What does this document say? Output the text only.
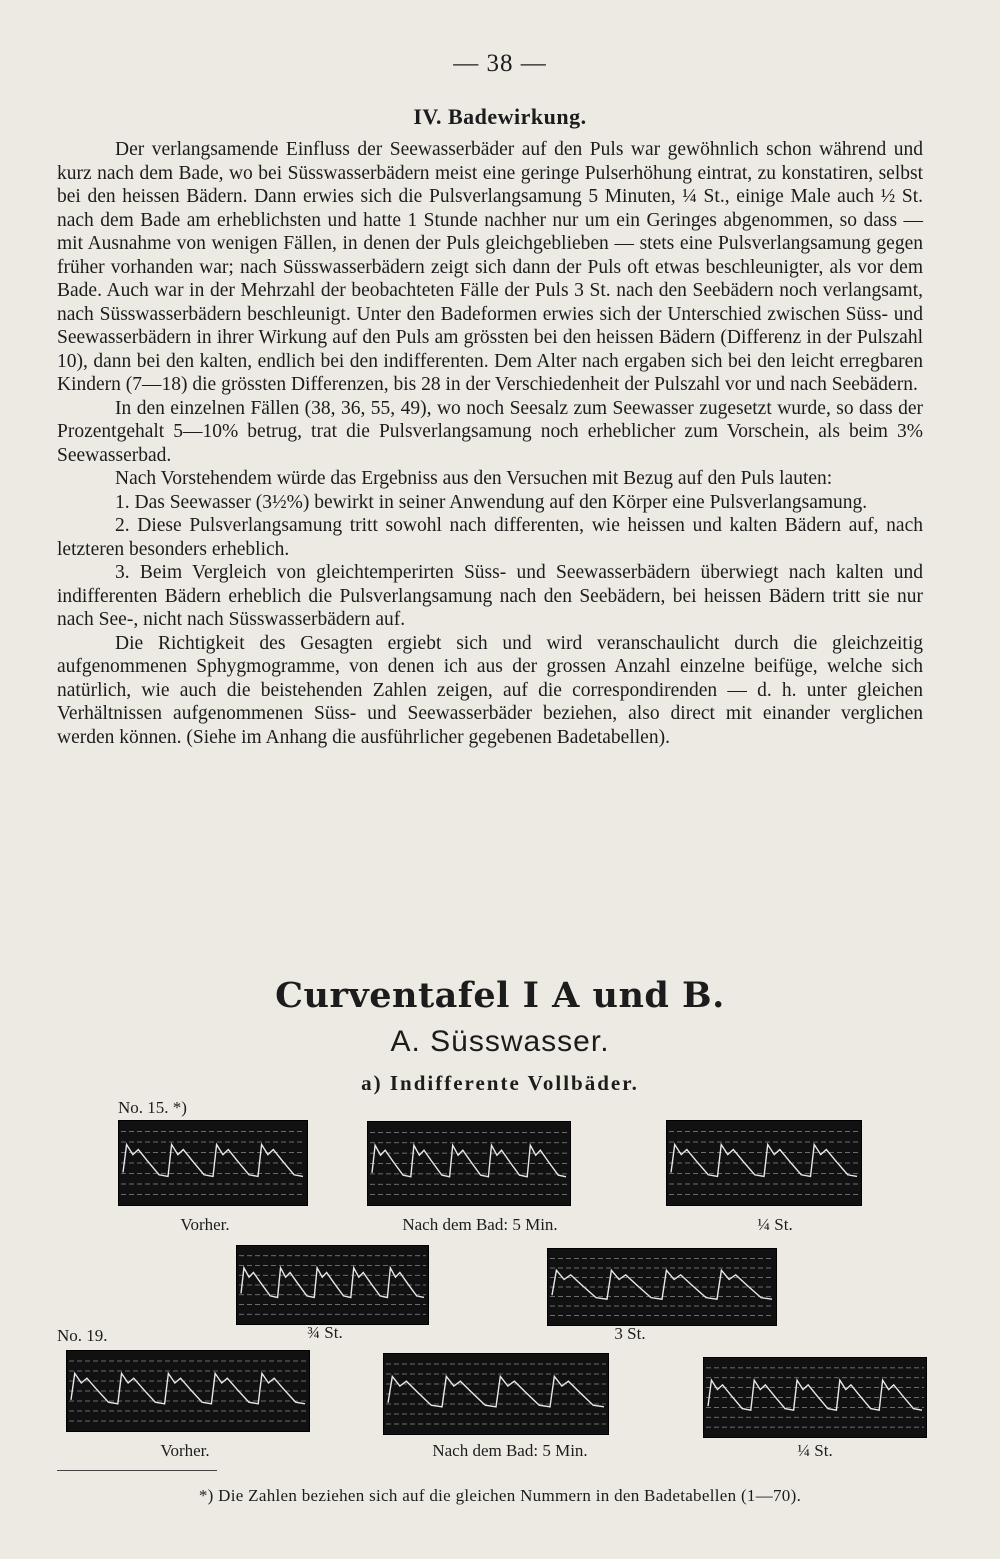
— 38 —
IV. Badewirkung.

Der verlangsamende Einfluss der Seewasserbäder auf den Puls war gewöhnlich schon während und kurz nach dem Bade, wo bei Süsswasserbädern meist eine geringe Pulserhöhung eintrat, zu konstatiren, selbst bei den heissen Bädern. Dann erwies sich die Pulsverlangsamung 5 Minuten, ¼ St., einige Male auch ½ St. nach dem Bade am erheblichsten und hatte 1 Stunde nachher nur um ein Geringes abgenommen, so dass — mit Ausnahme von wenigen Fällen, in denen der Puls gleichgeblieben — stets eine Pulsverlangsamung gegen früher vorhanden war; nach Süsswasserbädern zeigt sich dann der Puls oft etwas beschleunigter, als vor dem Bade. Auch war in der Mehrzahl der beobachteten Fälle der Puls 3 St. nach den Seebädern noch verlangsamt, nach Süsswasserbädern beschleunigt. Unter den Badeformen erwies sich der Unterschied zwischen Süss- und Seewasserbädern in ihrer Wirkung auf den Puls am grössten bei den heissen Bädern (Differenz in der Pulszahl 10), dann bei den kalten, endlich bei den indifferenten. Dem Alter nach ergaben sich bei den leicht erregbaren Kindern (7—18) die grössten Differenzen, bis 28 in der Verschiedenheit der Pulszahl vor und nach Seebädern.

In den einzelnen Fällen (38, 36, 55, 49), wo noch Seesalz zum Seewasser zugesetzt wurde, so dass der Prozentgehalt 5—10% betrug, trat die Pulsverlangsamung noch erheblicher zum Vorschein, als beim 3% Seewasserbad.

Nach Vorstehendem würde das Ergebniss aus den Versuchen mit Bezug auf den Puls lauten:

1. Das Seewasser (3½%) bewirkt in seiner Anwendung auf den Körper eine Pulsverlangsamung.

2. Diese Pulsverlangsamung tritt sowohl nach differenten, wie heissen und kalten Bädern auf, nach letzteren besonders erheblich.

3. Beim Vergleich von gleichtemperirten Süss- und Seewasserbädern überwiegt nach kalten und indifferenten Bädern erheblich die Pulsverlangsamung nach den Seebädern, bei heissen Bädern tritt sie nur nach See-, nicht nach Süsswasserbädern auf.

Die Richtigkeit des Gesagten ergiebt sich und wird veranschaulicht durch die gleichzeitig aufgenommenen Sphygmogramme, von denen ich aus der grossen Anzahl einzelne beifüge, welche sich natürlich, wie auch die beistehenden Zahlen zeigen, auf die correspondirenden — d. h. unter gleichen Verhältnissen aufgenommenen Süss- und Seewasserbäder beziehen, also direct mit einander verglichen werden können. (Siehe im Anhang die ausführlicher gegebenen Badetabellen).

Curventafel I A und B.
A. Süsswasser.
a) Indifferente Vollbäder.
No. 15. *)
Vorher.	Nach dem Bad: 5 Min.	¼ St.
¾ St.	3 St.
No. 19.
Vorher.	Nach dem Bad: 5 Min.	¼ St.
*) Die Zahlen beziehen sich auf die gleichen Nummern in den Badetabellen (1—70).
